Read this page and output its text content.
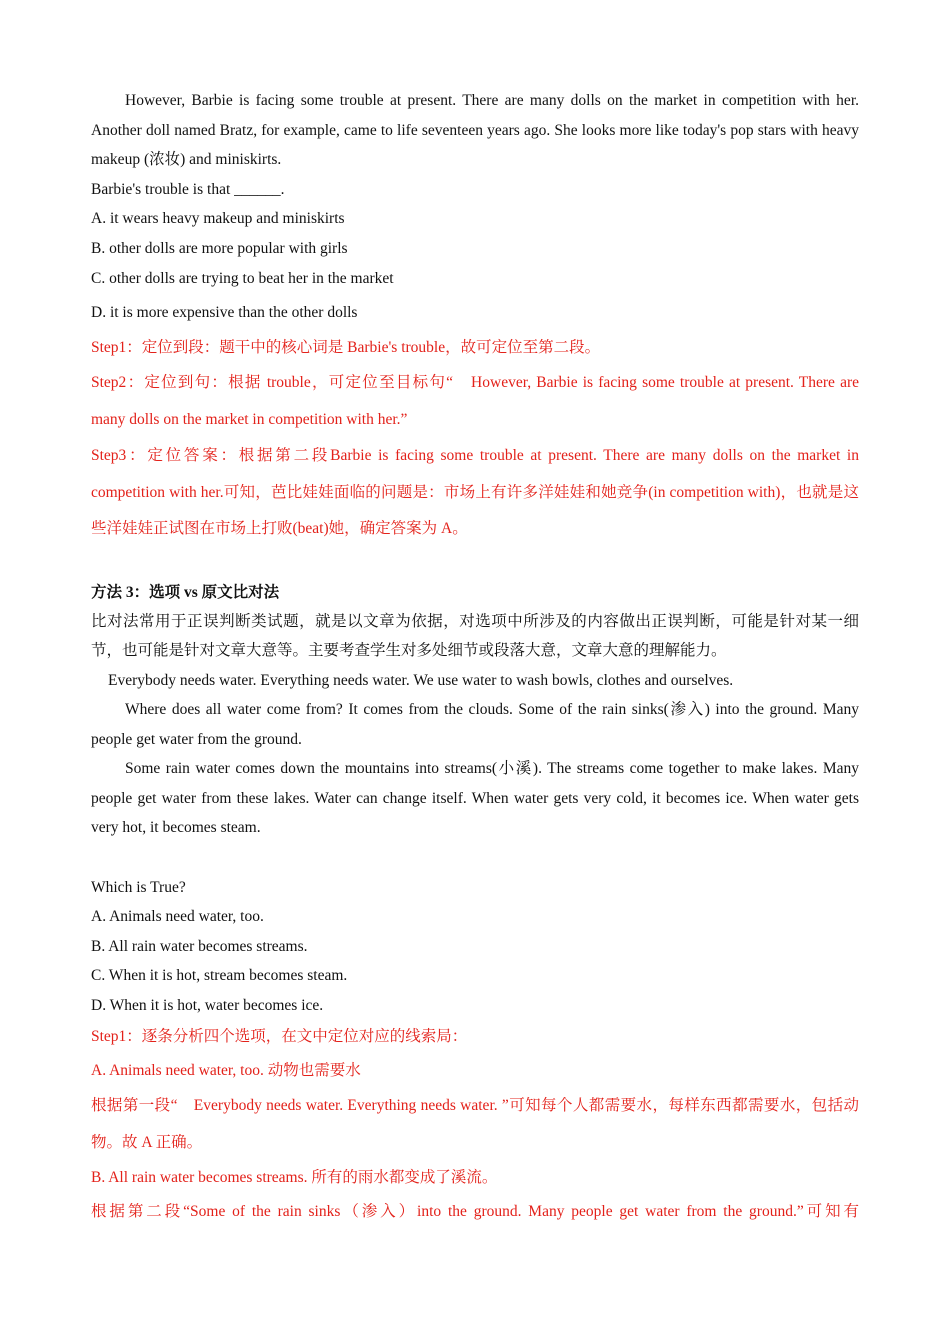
However, Barbie is facing some trouble at present. There are many dolls on the market in competition with her. Another doll named Bratz, for example, came to life seventeen years ago. She looks more like today's pop stars with heavy makeup (浓妆) and miniskirts.

Barbie's trouble is that ______.

A. it wears heavy makeup and miniskirts

B. other dolls are more popular with girls

C. other dolls are trying to beat her in the market

D. it is more expensive than the other dolls

Step1：定位到段：题干中的核心词是 Barbie's trouble，故可定位至第二段。

Step2：定位到句：根据 trouble，可定位至目标句“　However, Barbie is facing some trouble at present. There are many dolls on the market in competition with her.”

Step3：定位答案：根据第二段Barbie is facing some trouble at present. There are many dolls on the market in competition with her.可知，芭比娃娃面临的问题是：市场上有许多洋娃娃和她竞争(in competition with)，也就是这些洋娃娃正试图在市场上打败(beat)她，确定答案为 A。

方法 3：选项 vs 原文比对法

比对法常用于正误判断类试题，就是以文章为依据，对选项中所涉及的内容做出正误判断，可能是针对某一细节，也可能是针对文章大意等。主要考查学生对多处细节或段落大意，文章大意的理解能力。

Everybody needs water. Everything needs water. We use water to wash bowls, clothes and ourselves.

Where does all water come from? It comes from the clouds. Some of the rain sinks(渗入) into the ground. Many people get water from the ground.

Some rain water comes down the mountains into streams(小溪). The streams come together to make lakes. Many people get water from these lakes. Water can change itself. When water gets very cold, it becomes ice. When water gets very hot, it becomes steam.

Which is True?

A. Animals need water, too.

B. All rain water becomes streams.

C. When it is hot, stream becomes steam.

D. When it is hot, water becomes ice.

Step1：逐条分析四个选项，在文中定位对应的线索局：

A. Animals need water, too. 动物也需要水

根据第一段“　Everybody needs water. Everything needs water. ”可知每个人都需要水，每样东西都需要水，包括动物。故 A 正确。

B. All rain water becomes streams. 所有的雨水都变成了溪流。

根据第二段“Some of the rain sinks（渗入）into the ground. Many people get water from the ground.”可知有
